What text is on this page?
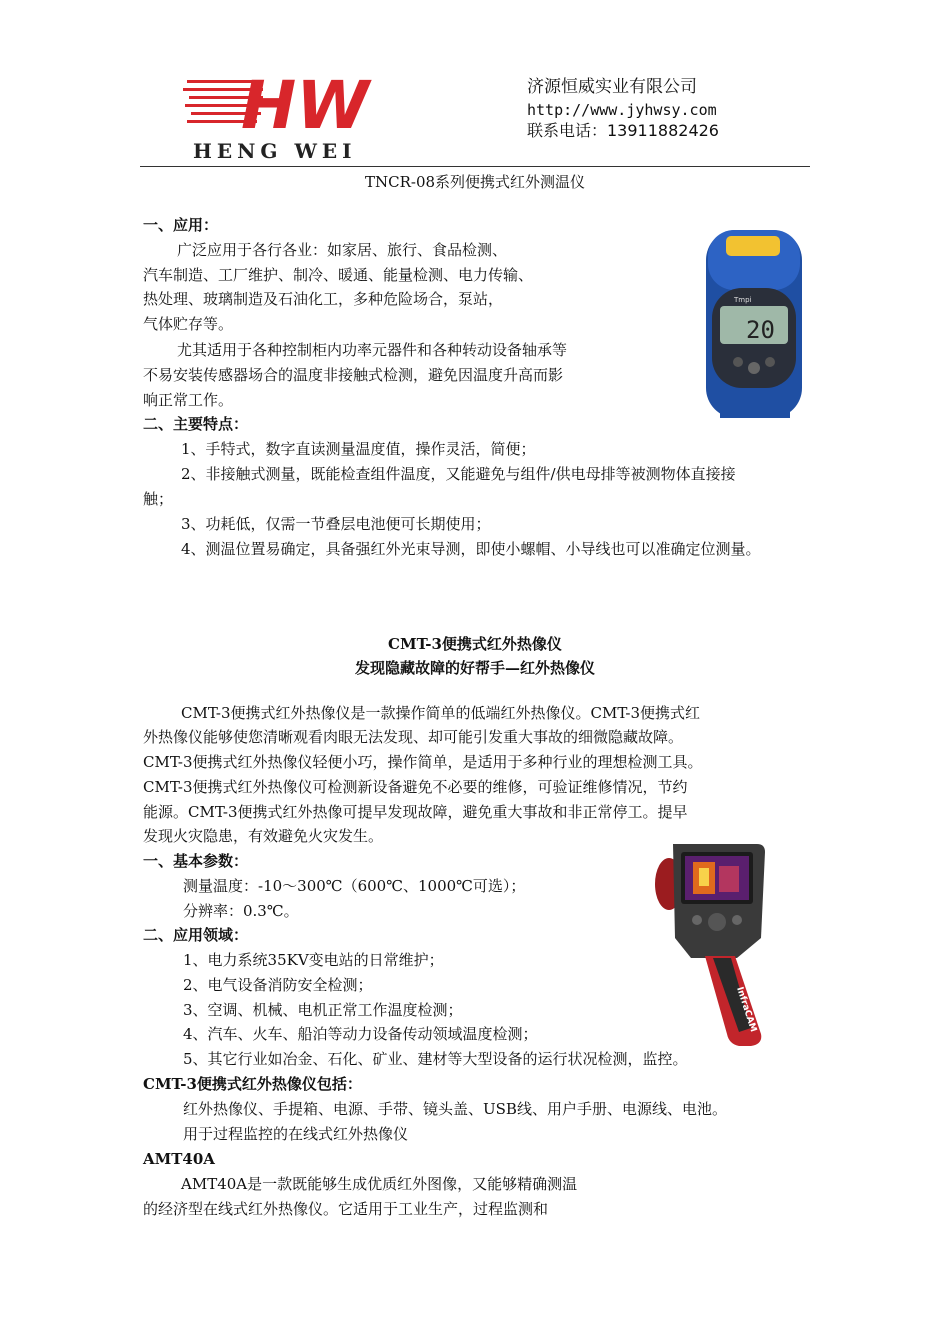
HW
HENG WEI
济源恒威实业有限公司
http://www.jyhwsy.com
联系电话：13911882426
TNCR-08系列便携式红外测温仪
一、应用：
广泛应用于各行各业：如家居、旅行、食品检测、
汽车制造、工厂维护、制冷、暖通、能量检测、电力传输、
热处理、玻璃制造及石油化工，多种危险场合，泵站，
气体贮存等。
尤其适用于各种控制柜内功率元器件和各种转动设备轴承等
不易安装传感器场合的温度非接触式检测，避免因温度升高而影
响正常工作。
二、主要特点：
1、手特式，数字直读测量温度值，操作灵活，简便；
2、非接触式测量，既能检查组件温度，又能避免与组件/供电母排等被测物体直接接
触；
3、功耗低，仅需一节叠层电池便可长期使用；
4、测温位置易确定，具备强红外光束导测，即使小螺帽、小导线也可以准确定位测量。
20
Tmpi
CMT-3便携式红外热像仪
发现隐藏故障的好帮手—红外热像仪
CMT-3便携式红外热像仪是一款操作简单的低端红外热像仪。CMT-3便携式红
外热像仪能够使您清晰观看肉眼无法发现、却可能引发重大事故的细微隐藏故障。
CMT-3便携式红外热像仪轻便小巧，操作简单，是适用于多种行业的理想检测工具。
CMT-3便携式红外热像仪可检测新设备避免不必要的维修，可验证维修情况，节约
能源。CMT-3便携式红外热像可提早发现故障，避免重大事故和非正常停工。提早
发现火灾隐患，有效避免火灾发生。
一、基本参数：
测量温度：-10～300℃（600℃、1000℃可选）；
分辨率：0.3℃。
二、应用领域：
1、电力系统35KV变电站的日常维护；
2、电气设备消防安全检测；
3、空调、机械、电机正常工作温度检测；
4、汽车、火车、船泊等动力设备传动领域温度检测；
5、其它行业如冶金、石化、矿业、建材等大型设备的运行状况检测，监控。
CMT-3便携式红外热像仪包括：
红外热像仪、手提箱、电源、手带、镜头盖、USB线、用户手册、电源线、电池。
用于过程监控的在线式红外热像仪
AMT40A
AMT40A是一款既能够生成优质红外图像，又能够精确测温
的经济型在线式红外热像仪。它适用于工业生产，过程监测和
InfraCAM
